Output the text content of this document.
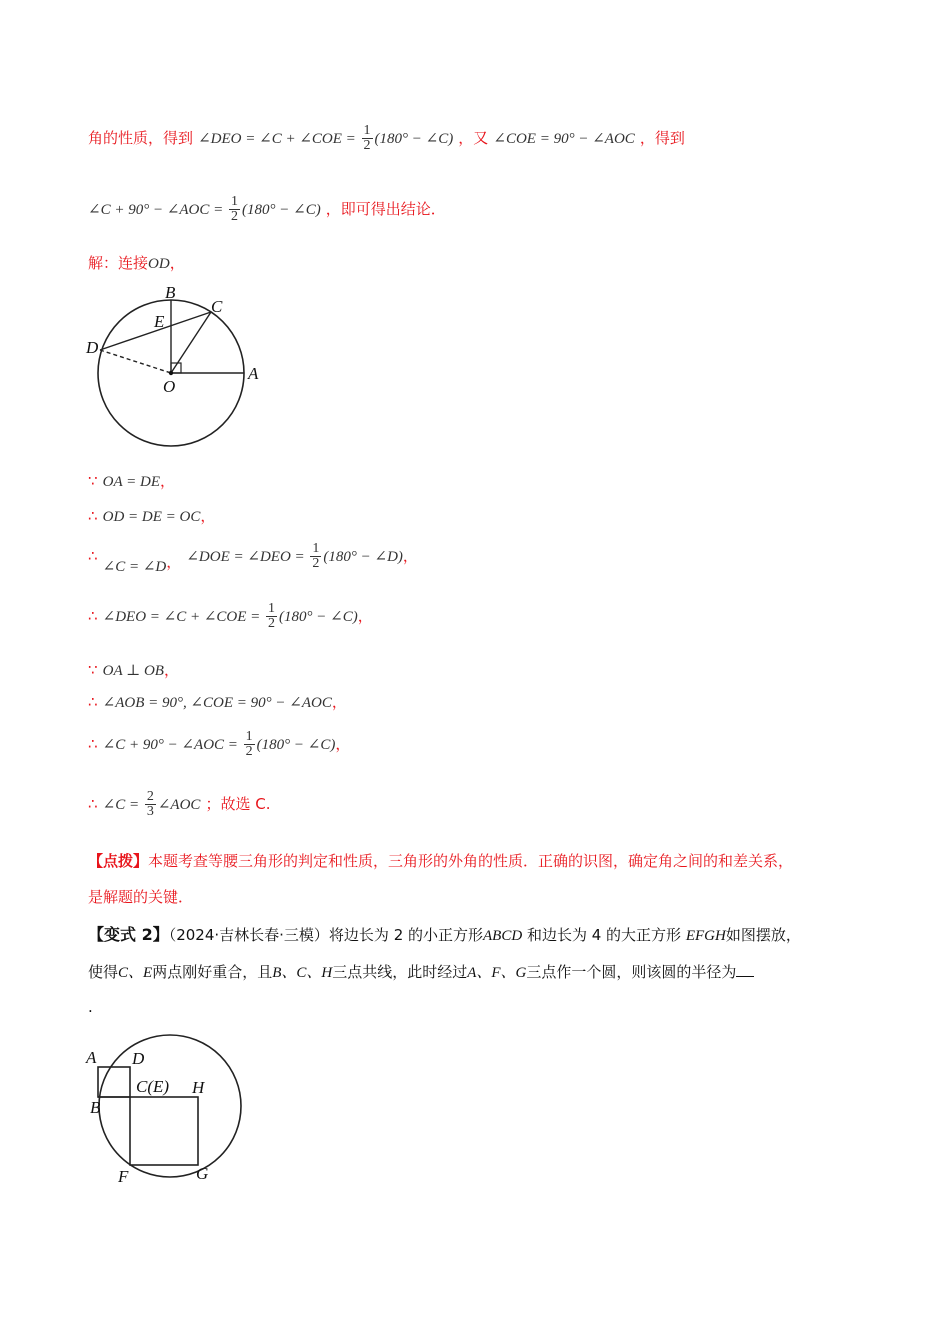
角的性质，得到 ∠DEO = ∠C + ∠COE = $\frac{1}{2} (180^\circ$ − ∠C) ，又 ∠COE = 90° − ∠AOC ，得到
∠C + 90° − ∠AOC = $\frac{1}{2} (180^\circ$ − ∠C) ，即可得出结论．
解：连接OD，
B
C
E
D
O
A
∵ OA = DE，
∴ OD = DE = OC，
∴ ∠C = ∠D， ∠DOE = ∠DEO = $\frac{1}{2} (180^\circ$ − ∠D)，
∴ ∠DEO = ∠C + ∠COE = $\frac{1}{2} (180^\circ$ − ∠C)，
∵ OA ⊥ OB，
∴ ∠AOB = 90°, ∠COE = 90° − ∠AOC，
∴ ∠C + 90° − ∠AOC = $\frac{1}{2} (180^\circ$ − ∠C)，
∴ ∠C = $\frac{2}{3}$ ∠AOC ；故选 C.
【点拨】本题考查等腰三角形的判定和性质，三角形的外角的性质．正确的识图，确定角之间的和差关系，
是解题的关键．
【变式 2】（2024·吉林长春·三模）将边长为 2 的小正方形ABCD 和边长为 4 的大正方形 EFGH如图摆放，
使得C、E两点刚好重合，且B、C、H三点共线，此时经过A、F、G三点作一个圆，则该圆的半径为
.
A D
C(E) H
B
F	G
